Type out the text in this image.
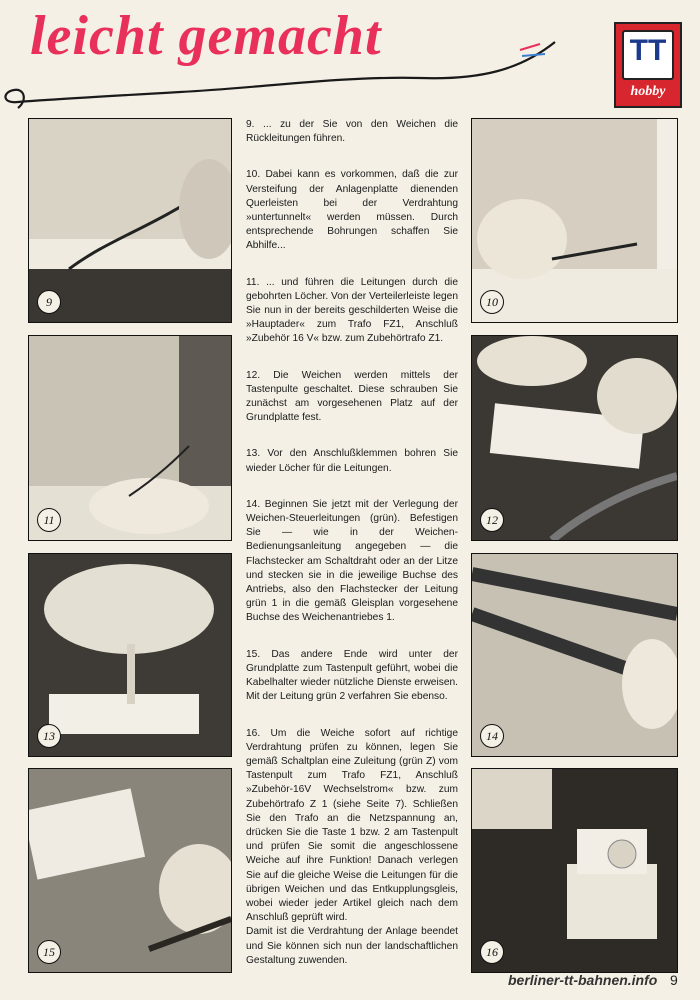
leicht gemacht	TT
hobby
9
11
13
15
10
12
14
16

9. ... zu der Sie von den Weichen die Rückleitungen führen.

10. Dabei kann es vorkommen, daß die zur Versteifung der Anlagenplatte dienenden Querleisten bei der Verdrahtung »untertunnelt« werden müssen. Durch entsprechende Bohrungen schaffen Sie Abhilfe...

11. ... und führen die Leitungen durch die gebohrten Löcher. Von der Verteilerleiste legen Sie nun in der bereits geschilderten Weise die »Hauptader« zum Trafo FZ1, Anschluß »Zubehör 16 V« bzw. zum Zubehörtrafo Z1.

12. Die Weichen werden mittels der Tastenpulte geschaltet. Diese schrauben Sie zunächst am vorgesehenen Platz auf der Grundplatte fest.

13. Vor den Anschlußklemmen bohren Sie wieder Löcher für die Leitungen.

14. Beginnen Sie jetzt mit der Verlegung der Weichen-Steuerleitungen (grün). Befestigen Sie — wie in der Weichen-Bedienungsanleitung angegeben — die Flachstecker am Schaltdraht oder an der Litze und stecken sie in die jeweilige Buchse des Antriebs, also den Flachstecker der Leitung grün 1 in die gemäß Gleisplan vorgesehene Buchse des Weichenantriebes 1.

15. Das andere Ende wird unter der Grundplatte zum Tastenpult geführt, wobei die Kabelhalter wieder nützliche Dienste erweisen. Mit der Leitung grün 2 verfahren Sie ebenso.

16. Um die Weiche sofort auf richtige Verdrahtung prüfen zu können, legen Sie gemäß Schaltplan eine Zuleitung (grün Z) vom Tastenpult zum Trafo FZ1, Anschluß »Zubehör-16V Wechselstrom« bzw. zum Zubehörtrafo Z 1 (siehe Seite 7). Schließen Sie den Trafo an die Netzspannung an, drücken Sie die Taste 1 bzw. 2 am Tastenpult und prüfen Sie somit die angeschlossene Weiche auf ihre Funktion! Danach verlegen Sie auf die gleiche Weise die Leitungen für die übrigen Weichen und das Entkupplungsgleis, wobei wieder jeder Artikel gleich nach dem Anschluß geprüft wird.

Damit ist die Verdrahtung der Anlage beendet und Sie können sich nun der landschaftlichen Gestaltung zuwenden.

berliner-tt-bahnen.info 9
